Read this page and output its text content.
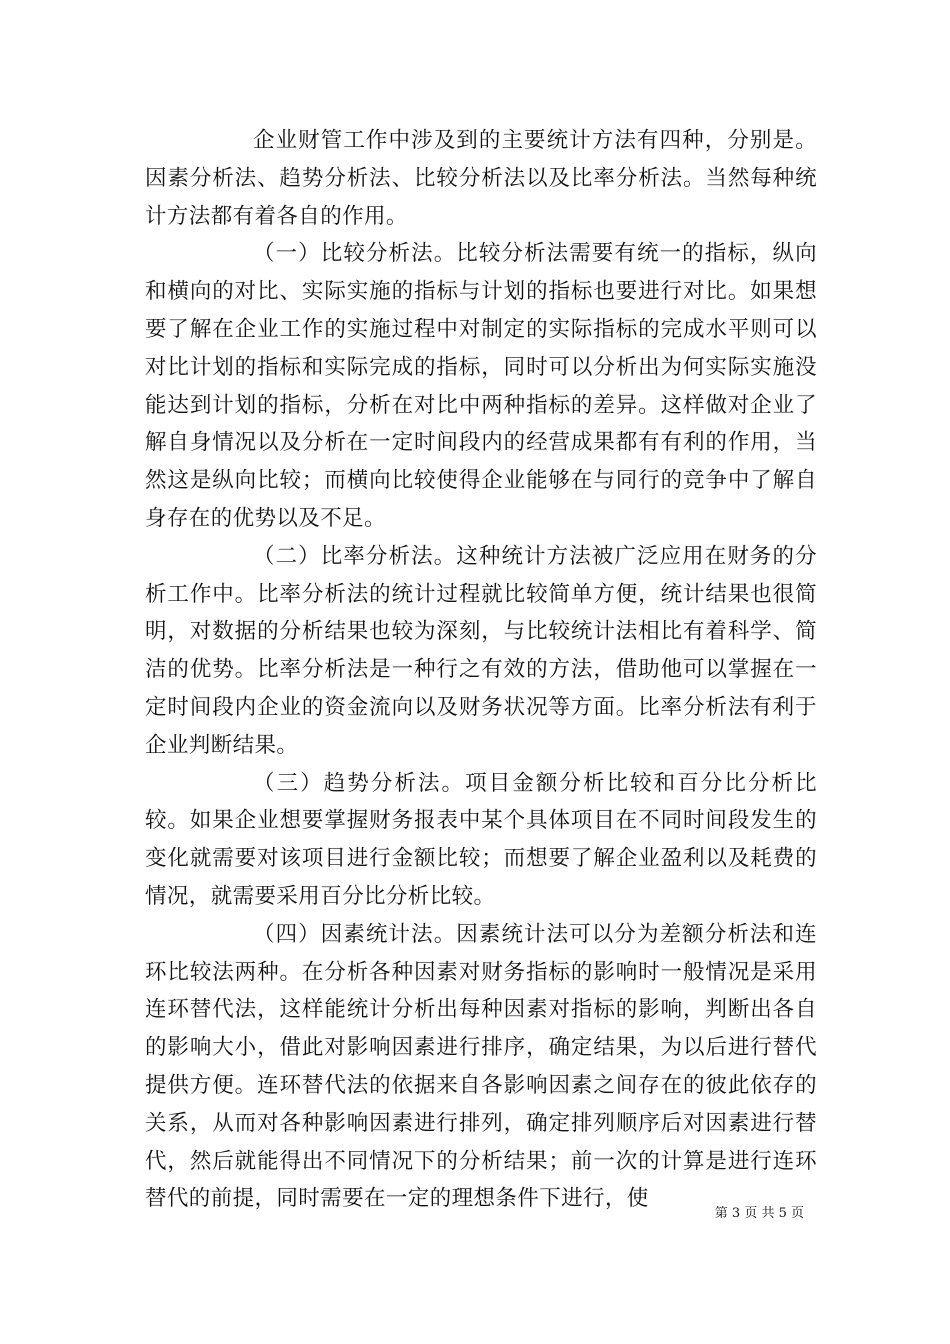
企业财管工作中涉及到的主要统计方法有四种，分别是。因素分析法、趋势分析法、比较分析法以及比率分析法。当然每种统计方法都有着各自的作用。

（一）比较分析法。比较分析法需要有统一的指标，纵向和横向的对比、实际实施的指标与计划的指标也要进行对比。如果想要了解在企业工作的实施过程中对制定的实际指标的完成水平则可以对比计划的指标和实际完成的指标，同时可以分析出为何实际实施没能达到计划的指标，分析在对比中两种指标的差异。这样做对企业了解自身情况以及分析在一定时间段内的经营成果都有有利的作用，当然这是纵向比较；而横向比较使得企业能够在与同行的竞争中了解自身存在的优势以及不足。

（二）比率分析法。这种统计方法被广泛应用在财务的分析工作中。比率分析法的统计过程就比较简单方便，统计结果也很简明，对数据的分析结果也较为深刻，与比较统计法相比有着科学、简洁的优势。比率分析法是一种行之有效的方法，借助他可以掌握在一定时间段内企业的资金流向以及财务状况等方面。比率分析法有利于企业判断结果。

（三）趋势分析法。项目金额分析比较和百分比分析比较。如果企业想要掌握财务报表中某个具体项目在不同时间段发生的变化就需要对该项目进行金额比较；而想要了解企业盈利以及耗费的情况，就需要采用百分比分析比较。

（四）因素统计法。因素统计法可以分为差额分析法和连环比较法两种。在分析各种因素对财务指标的影响时一般情况是采用连环替代法，这样能统计分析出每种因素对指标的影响，判断出各自的影响大小，借此对影响因素进行排序，确定结果，为以后进行替代提供方便。连环替代法的依据来自各影响因素之间存在的彼此依存的关系，从而对各种影响因素进行排列，确定排列顺序后对因素进行替代，然后就能得出不同情况下的分析结果；前一次的计算是进行连环替代的前提，同时需要在一定的理想条件下进行，使

第 3 页 共 5 页
